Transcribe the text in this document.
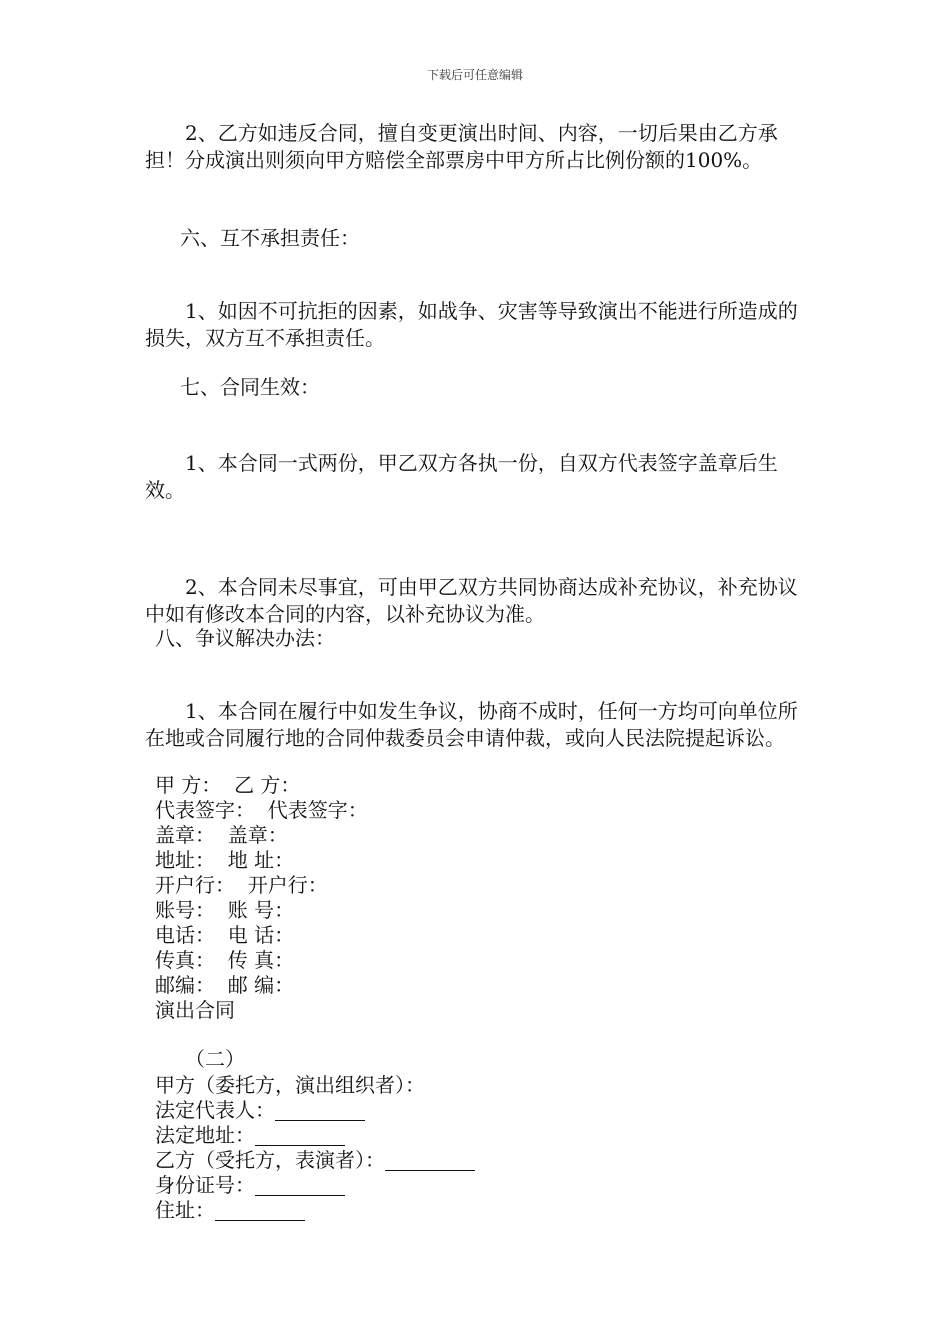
下载后可任意编辑

2、乙方如违反合同，擅自变更演出时间、内容，一切后果由乙方承担！分成演出则须向甲方赔偿全部票房中甲方所占比例份额的100%。

六、互不承担责任：

1、如因不可抗拒的因素，如战争、灾害等导致演出不能进行所造成的损失，双方互不承担责任。

七、合同生效：

1、本合同一式两份，甲乙双方各执一份，自双方代表签字盖章后生效。

2、本合同未尽事宜，可由甲乙双方共同协商达成补充协议，补充协议中如有修改本合同的内容，以补充协议为准。

八、争议解决办法：

1、本合同在履行中如发生争议，协商不成时，任何一方均可向单位所在地或合同履行地的合同仲裁委员会申请仲裁，或向人民法院提起诉讼。

甲 方：  乙 方：

代表签字：  代表签字：

盖章：  盖章：

地址：  地 址：

开户行：  开户行：

账号：  账 号：

电话：  电 话：

传真：  传 真：

邮编：  邮 编：

演出合同

（二）

甲方（委托方，演出组织者）：

法定代表人：

法定地址：

乙方（受托方，表演者）：

身份证号：

住址：
